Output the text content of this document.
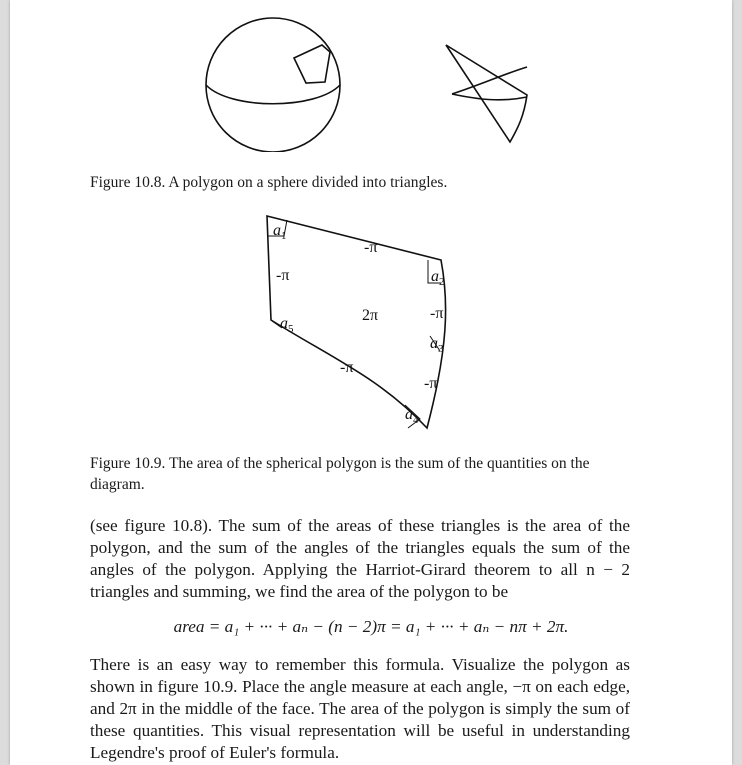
Figure 10.8. A polygon on a sphere divided into triangles.
$a_1$
-π
-π	$a_2$
2π	-π
$a_5$
$a_3$
-π
-π
$a_4$
Figure 10.9. The area of the spherical polygon is the sum of the quantities on the diagram.

(see figure 10.8). The sum of the areas of these triangles is the area of the polygon, and the sum of the angles of the triangles equals the sum of the angles of the polygon. Applying the Harriot-Girard theorem to all n − 2 triangles and summing, we find the area of the polygon to be

area = a₁ + ··· + aₙ − (n − 2)π = a₁ + ··· + aₙ − nπ + 2π.

There is an easy way to remember this formula. Visualize the polygon as shown in figure 10.9. Place the angle measure at each angle, −π on each edge, and 2π in the middle of the face. The area of the polygon is simply the sum of these quantities. This visual representation will be useful in understanding Legendre's proof of Euler's formula.
